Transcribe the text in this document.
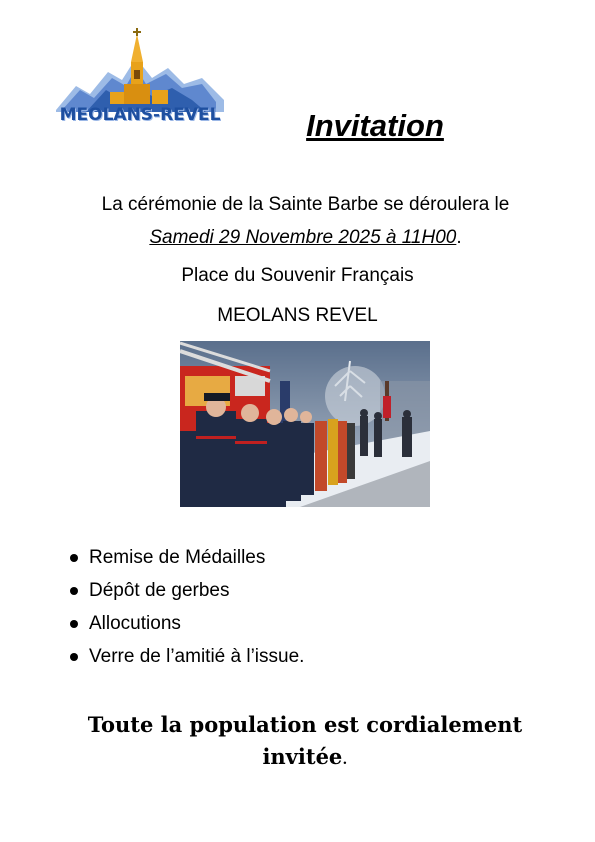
MEOLANS-REVEL	Invitation
La cérémonie de la Sainte Barbe se déroulera le
Samedi 29 Novembre 2025 à 11H00.
Place du Souvenir Français
MEOLANS REVEL
Remise de Médailles
Dépôt de gerbes
Allocutions
Verre de l’amitié à l’issue.
Toute la population est cordialement
invitée.
